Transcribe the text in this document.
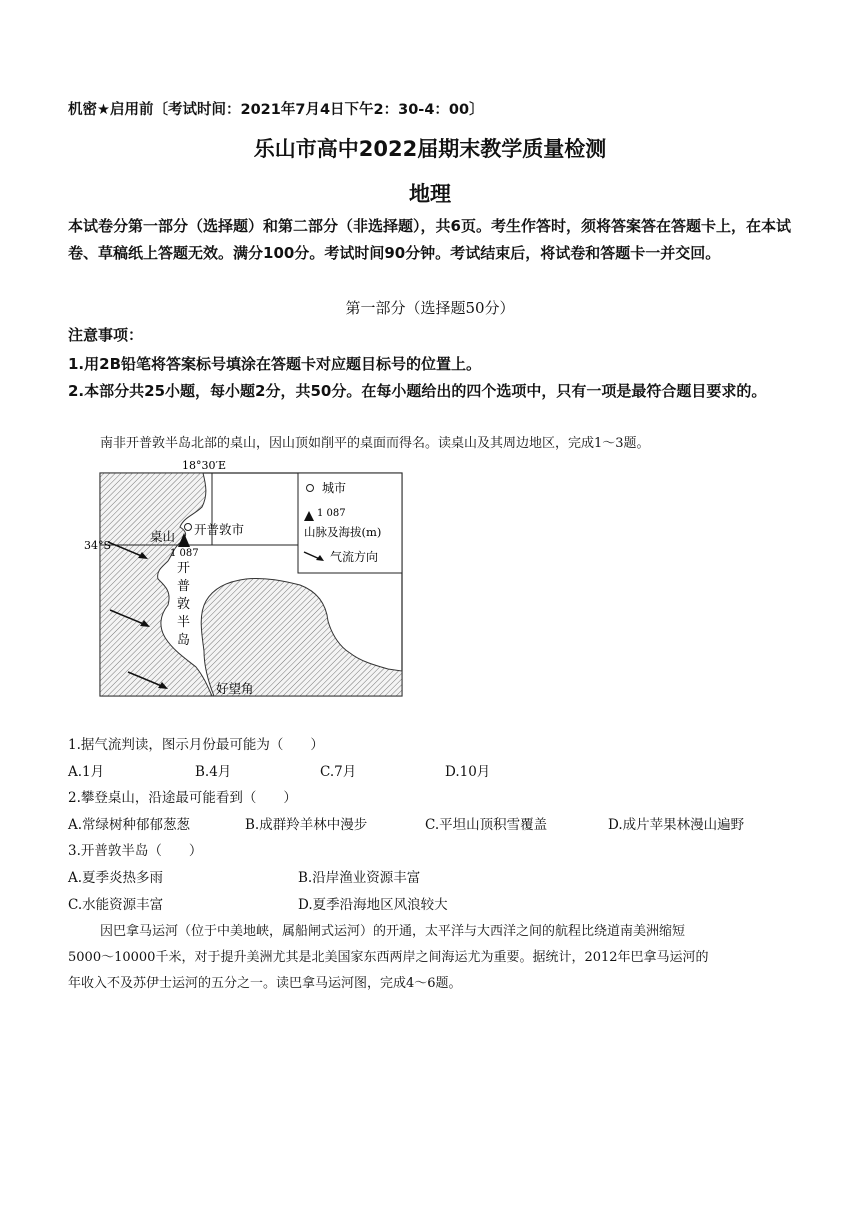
机密★启用前〔考试时间：2021年7月4日下午2：30-4：00〕
乐山市高中2022届期末教学质量检测
地理
本试卷分第一部分（选择题）和第二部分（非选择题），共6页。考生作答时，须将答案答在答题卡上，在本试卷、草稿纸上答题无效。满分100分。考试时间90分钟。考试结束后，将试卷和答题卡一并交回。
第一部分（选择题50分）
注意事项：
1.用2B铅笔将答案标号填涂在答题卡对应题目标号的位置上。
2.本部分共25小题，每小题2分，共50分。在每小题给出的四个选项中，只有一项是最符合题目要求的。
南非开普敦半岛北部的桌山，因山顶如削平的桌面而得名。读桌山及其周边地区，完成1～3题。
城市
1 087
山脉及海拔(m)
气流方向
18°30′E
34°S
开普敦市
桌山
1 087
开
普
敦
半
岛
好望角
1.据气流判读，图示月份最可能为（　　）
A.1月	B.4月	C.7月	D.10月
2.攀登桌山，沿途最可能看到（　　）
A.常绿树种郁郁葱葱	B.成群羚羊林中漫步	C.平坦山顶积雪覆盖	D.成片苹果林漫山遍野
3.开普敦半岛（　　）
A.夏季炎热多雨	B.沿岸渔业资源丰富
C.水能资源丰富	D.夏季沿海地区风浪较大
因巴拿马运河（位于中美地峡，属船闸式运河）的开通，太平洋与大西洋之间的航程比绕道南美洲缩短
5000～10000千米，对于提升美洲尤其是北美国家东西两岸之间海运尤为重要。据统计，2012年巴拿马运河的
年收入不及苏伊士运河的五分之一。读巴拿马运河图，完成4～6题。
